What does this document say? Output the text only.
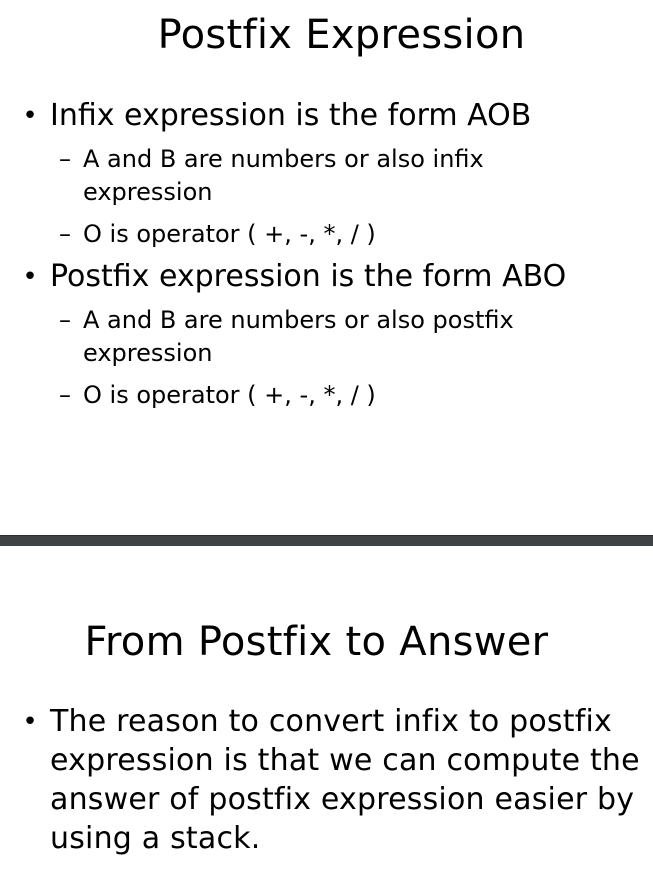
Postfix Expression
• Infix expression is the form AOB
– A and B are numbers or also infix
expression
– O is operator ( +, -, *, / )
• Postfix expression is the form ABO
– A and B are numbers or also postfix
expression
– O is operator ( +, -, *, / )
From Postfix to Answer
• The reason to convert infix to postfix expression is that we can compute the answer of postfix expression easier by using a stack.
